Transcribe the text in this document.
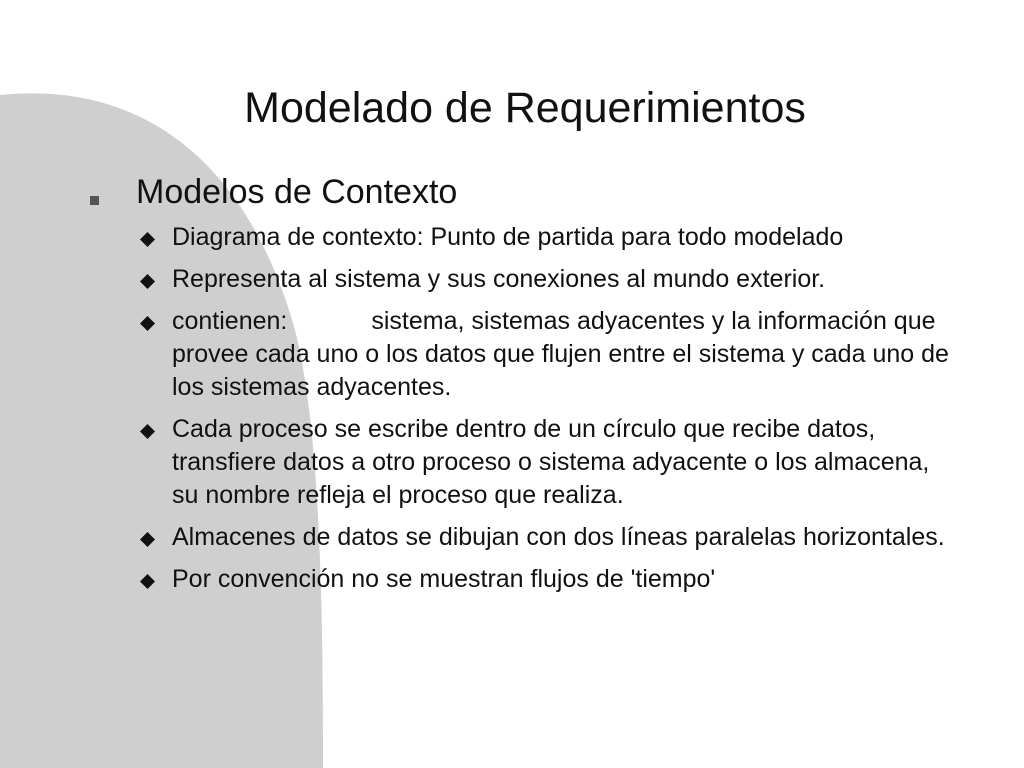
Modelado de Requerimientos
Modelos de Contexto
Diagrama de contexto: Punto de partida para todo modelado
Representa al sistema y sus conexiones al mundo exterior.
contienen:	sistema, sistemas adyacentes y la información que provee cada uno o los datos que flujen entre el sistema y cada uno de los sistemas adyacentes.
Cada proceso se escribe dentro de un círculo que recibe datos, transfiere datos a otro proceso o sistema adyacente o los almacena, su nombre refleja el proceso que realiza.
Almacenes de datos se dibujan con dos líneas paralelas horizontales.
Por convención no se muestran flujos de 'tiempo'
